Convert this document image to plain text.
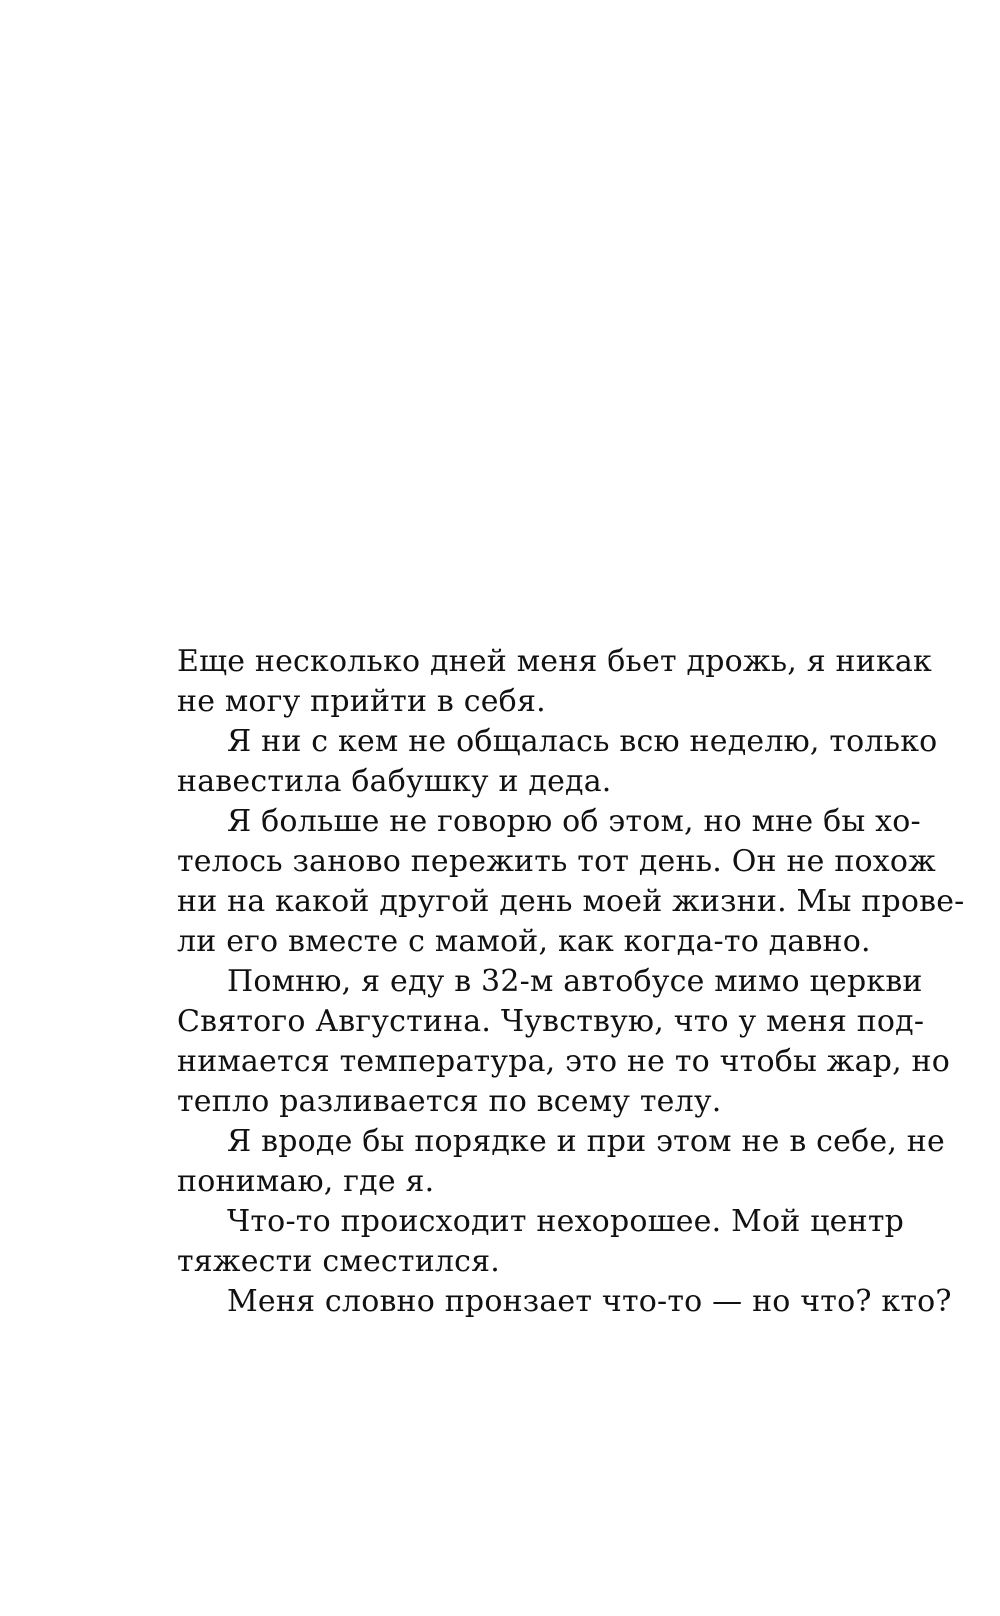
Еще несколько дней меня бьет дрожь, я никак
не могу прийти в себя.
Я ни с кем не общалась всю неделю, только
навестила бабушку и деда.
Я больше не говорю об этом, но мне бы хо-
телось заново пережить тот день. Он не похож
ни на какой другой день моей жизни. Мы прове-
ли его вместе с мамой, как когда-то давно.
Помню, я еду в 32-м автобусе мимо церкви
Святого Августина. Чувствую, что у меня под-
нимается температура, это не то чтобы жар, но
тепло разливается по всему телу.
Я вроде бы порядке и при этом не в себе, не
понимаю, где я.
Что-то происходит нехорошее. Мой центр
тяжести сместился.
Меня словно пронзает что-то — но что? кто?
